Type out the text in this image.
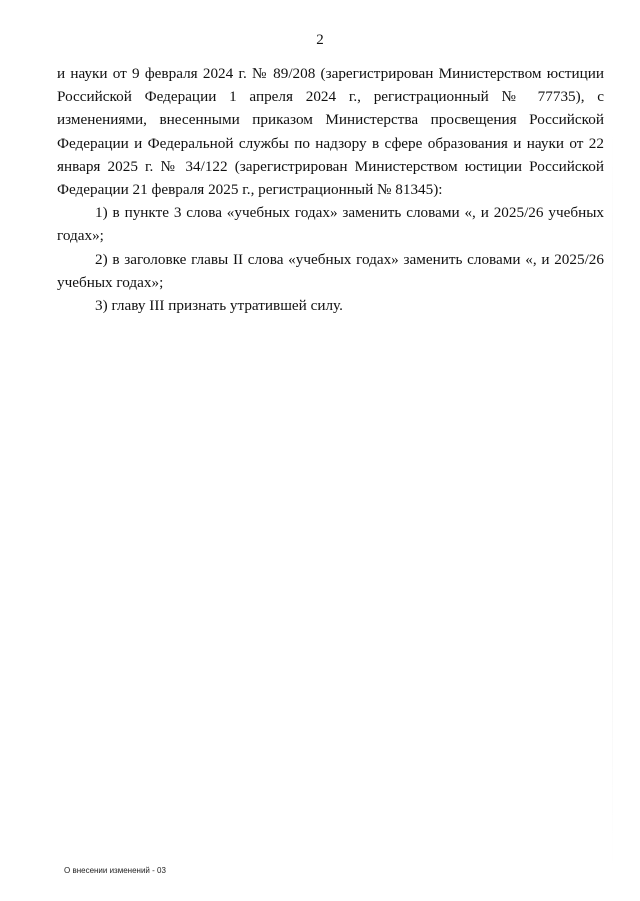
2

и науки от 9 февраля 2024 г. № 89/208 (зарегистрирован Министерством юстиции Российской Федерации 1 апреля 2024 г., регистрационный № 77735), с изменениями, внесенными приказом Министерства просвещения Российской Федерации и Федеральной службы по надзору в сфере образования и науки от 22 января 2025 г. № 34/122 (зарегистрирован Министерством юстиции Российской Федерации 21 февраля 2025 г., регистрационный № 81345):

1) в пункте 3 слова «учебных годах» заменить словами «, и 2025/26 учебных годах»;

2) в заголовке главы II слова «учебных годах» заменить словами «, и 2025/26 учебных годах»;

3) главу III признать утратившей силу.

О внесении изменений - 03
